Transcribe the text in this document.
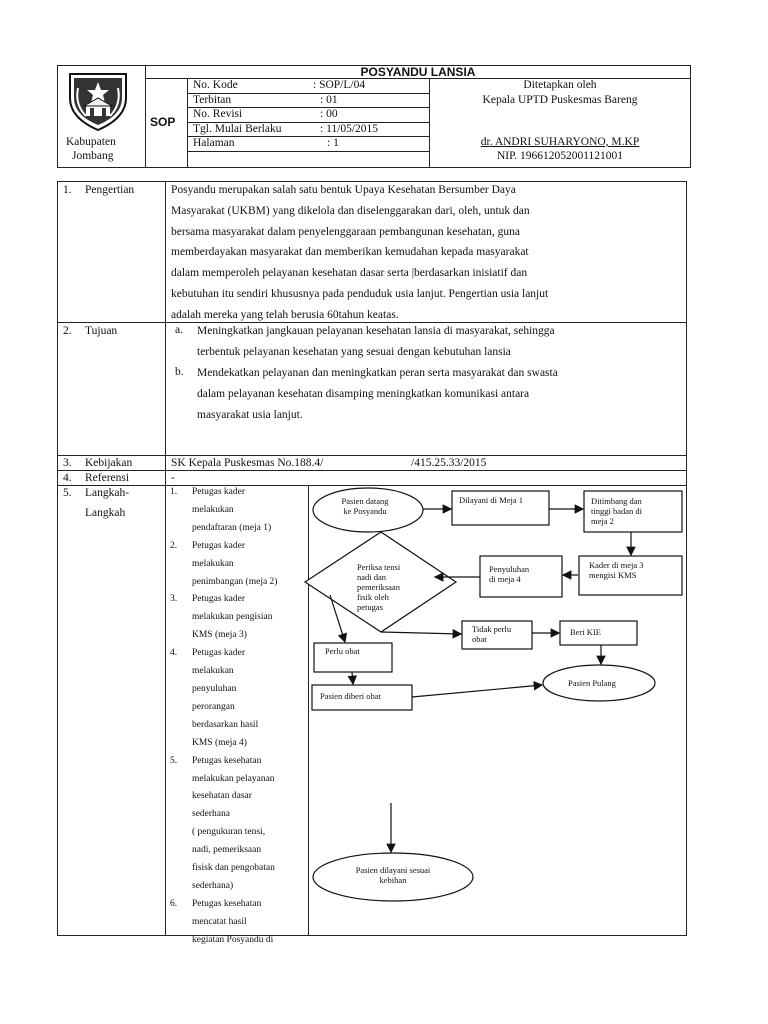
Kabupaten
Jombang
SOP
POSYANDU LANSIA
No. Kode	: SOP/L/04
Terbitan	: 01
No. Revisi	: 00
Tgl. Mulai Berlaku	: 11/05/2015
Halaman	: 1
Ditetapkan oleh
Kepala UPTD Puskesmas Bareng
dr. ANDRI SUHARYONO, M.KP
NIP. 196612052001121001
1. Pengertian	Posyandu merupakan salah satu bentuk Upaya Kesehatan Bersumber Daya
Masyarakat (UKBM) yang dikelola dan diselenggarakan dari, oleh, untuk dan
bersama masyarakat dalam penyelenggaraan pembangunan kesehatan, guna
memberdayakan masyarakat dan memberikan kemudahan kepada masyarakat
dalam memperoleh pelayanan kesehatan dasar serta |berdasarkan inisiatif dan
kebutuhan itu sendiri khususnya pada penduduk usia lanjut. Pengertian usia lanjut
adalah mereka yang telah berusia 60tahun keatas.
2. Tujuan	a. Meningkatkan jangkauan pelayanan kesehatan lansia di masyarakat, sehingga
terbentuk pelayanan kesehatan yang sesuai dengan kebutuhan lansia
b. Mendekatkan pelayanan dan meningkatkan peran serta masyarakat dan swasta
dalam pelayanan kesehatan disamping meningkatkan komunikasi antara
masyarakat usia lanjut.
3. Kebijakan	SK Kepala Puskesmas No.188.4/	/415.25.33/2015
4. Referensi	-
5. Langkah-
Langkah
1.	Petugas kader
melakukan
pendaftaran (meja 1)
2.	Petugas kader
melakukan
penimbangan (meja 2)
3.	Petugas kader
melakukan pengisian
KMS (meja 3)
4.	Petugas kader
melakukan
penyuluhan
perorangan
berdasarkan hasil
KMS (meja 4)
5.	Petugas kesehatan
melakukan pelayanan
kesehatan dasar
sederhana
( pengukuran tensi,
nadi, pemeriksaan
fisisk dan pengobatan
sederhana)
6.	Petugas kesehatan
mencatat hasil
kegiatan Posyandu di
Pasien datang
ke Posyandu
Dilayani di Meja 1	Ditimbang dan
tinggi badan di
meja 2
Kader di meja 3
mengisi KMS
Penyuluhan
di meja 4
Periksa tensi
nadi dan
pemeriksaan
fisik oleh
petugas
Tidak perlu
obat
Beri KIE
Perlu obat
Pasien diberi obat
Pasien Pulang
Pasien dilayani sesuai
kebihan
